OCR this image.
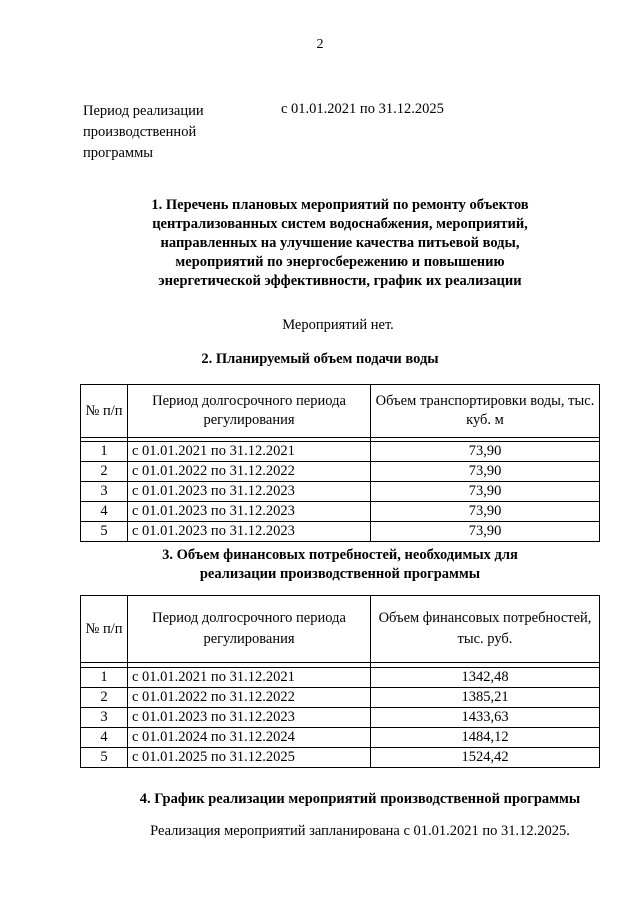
2
Период реализации производственной программы
с 01.01.2021 по 31.12.2025
1. Перечень плановых мероприятий по ремонту объектов централизованных систем водоснабжения, мероприятий, направленных на улучшение качества питьевой воды, мероприятий по энергосбережению и повышению энергетической эффективности, график их реализации
Мероприятий нет.
2. Планируемый объем подачи воды
№ п/п	Период долгосрочного периода регулирования	Объем транспортировки воды, тыс. куб. м

1	с 01.01.2021 по 31.12.2021	73,90
2	с 01.01.2022 по 31.12.2022	73,90
3	с 01.01.2023 по 31.12.2023	73,90
4	с 01.01.2023 по 31.12.2023	73,90
5	с 01.01.2023 по 31.12.2023	73,90
3. Объем финансовых потребностей, необходимых для реализации производственной программы
№ п/п	Период долгосрочного периода регулирования	Объем финансовых потребностей, тыс. руб.

1	с 01.01.2021 по 31.12.2021	1342,48
2	с 01.01.2022 по 31.12.2022	1385,21
3	с 01.01.2023 по 31.12.2023	1433,63
4	с 01.01.2024 по 31.12.2024	1484,12
5	с 01.01.2025 по 31.12.2025	1524,42
4. График реализации мероприятий производственной программы
Реализация мероприятий запланирована с 01.01.2021 по 31.12.2025.
